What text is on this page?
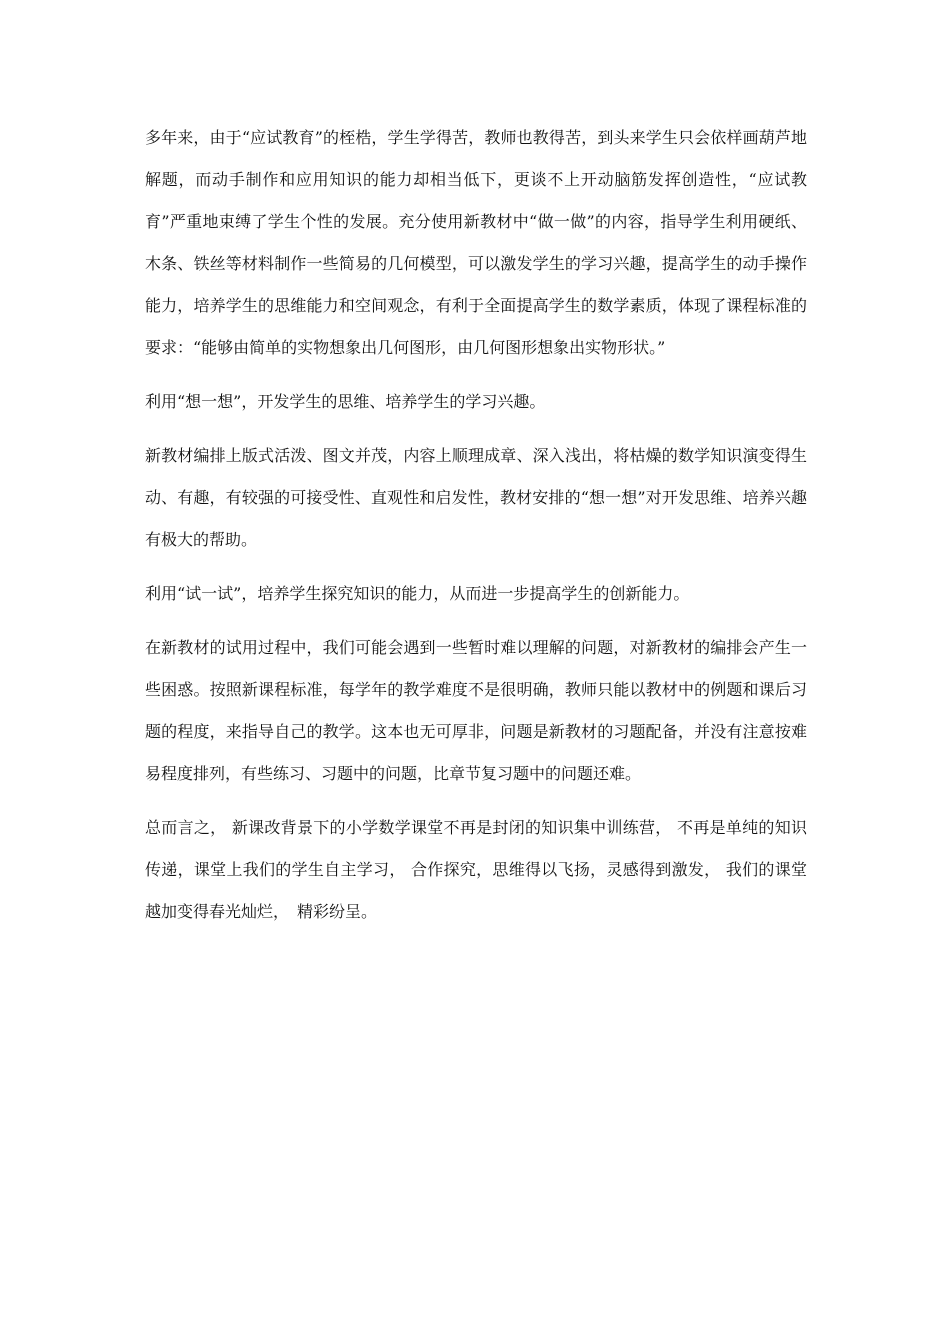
多年来，由于“应试教育”的桎梏，学生学得苦，教师也教得苦，到头来学生只会依样画葫芦地解题，而动手制作和应用知识的能力却相当低下，更谈不上开动脑筋发挥创造性，“应试教育”严重地束缚了学生个性的发展。充分使用新教材中“做一做”的内容，指导学生利用硬纸、木条、铁丝等材料制作一些简易的几何模型，可以激发学生的学习兴趣，提高学生的动手操作能力，培养学生的思维能力和空间观念，有利于全面提高学生的数学素质，体现了课程标准的要求：“能够由简单的实物想象出几何图形，由几何图形想象出实物形状。”

利用“想一想”，开发学生的思维、培养学生的学习兴趣。

新教材编排上版式活泼、图文并茂，内容上顺理成章、深入浅出，将枯燥的数学知识演变得生动、有趣，有较强的可接受性、直观性和启发性，教材安排的“想一想”对开发思维、培养兴趣有极大的帮助。

利用“试一试”，培养学生探究知识的能力，从而进一步提高学生的创新能力。

在新教材的试用过程中，我们可能会遇到一些暂时难以理解的问题，对新教材的编排会产生一些困惑。按照新课程标准，每学年的教学难度不是很明确，教师只能以教材中的例题和课后习题的程度，来指导自己的教学。这本也无可厚非，问题是新教材的习题配备，并没有注意按难易程度排列，有些练习、习题中的问题，比章节复习题中的问题还难。

总而言之， 新课改背景下的小学数学课堂不再是封闭的知识集中训练营， 不再是单纯的知识传递，课堂上我们的学生自主学习， 合作探究，思维得以飞扬，灵感得到激发， 我们的课堂越加变得春光灿烂，　精彩纷呈。
